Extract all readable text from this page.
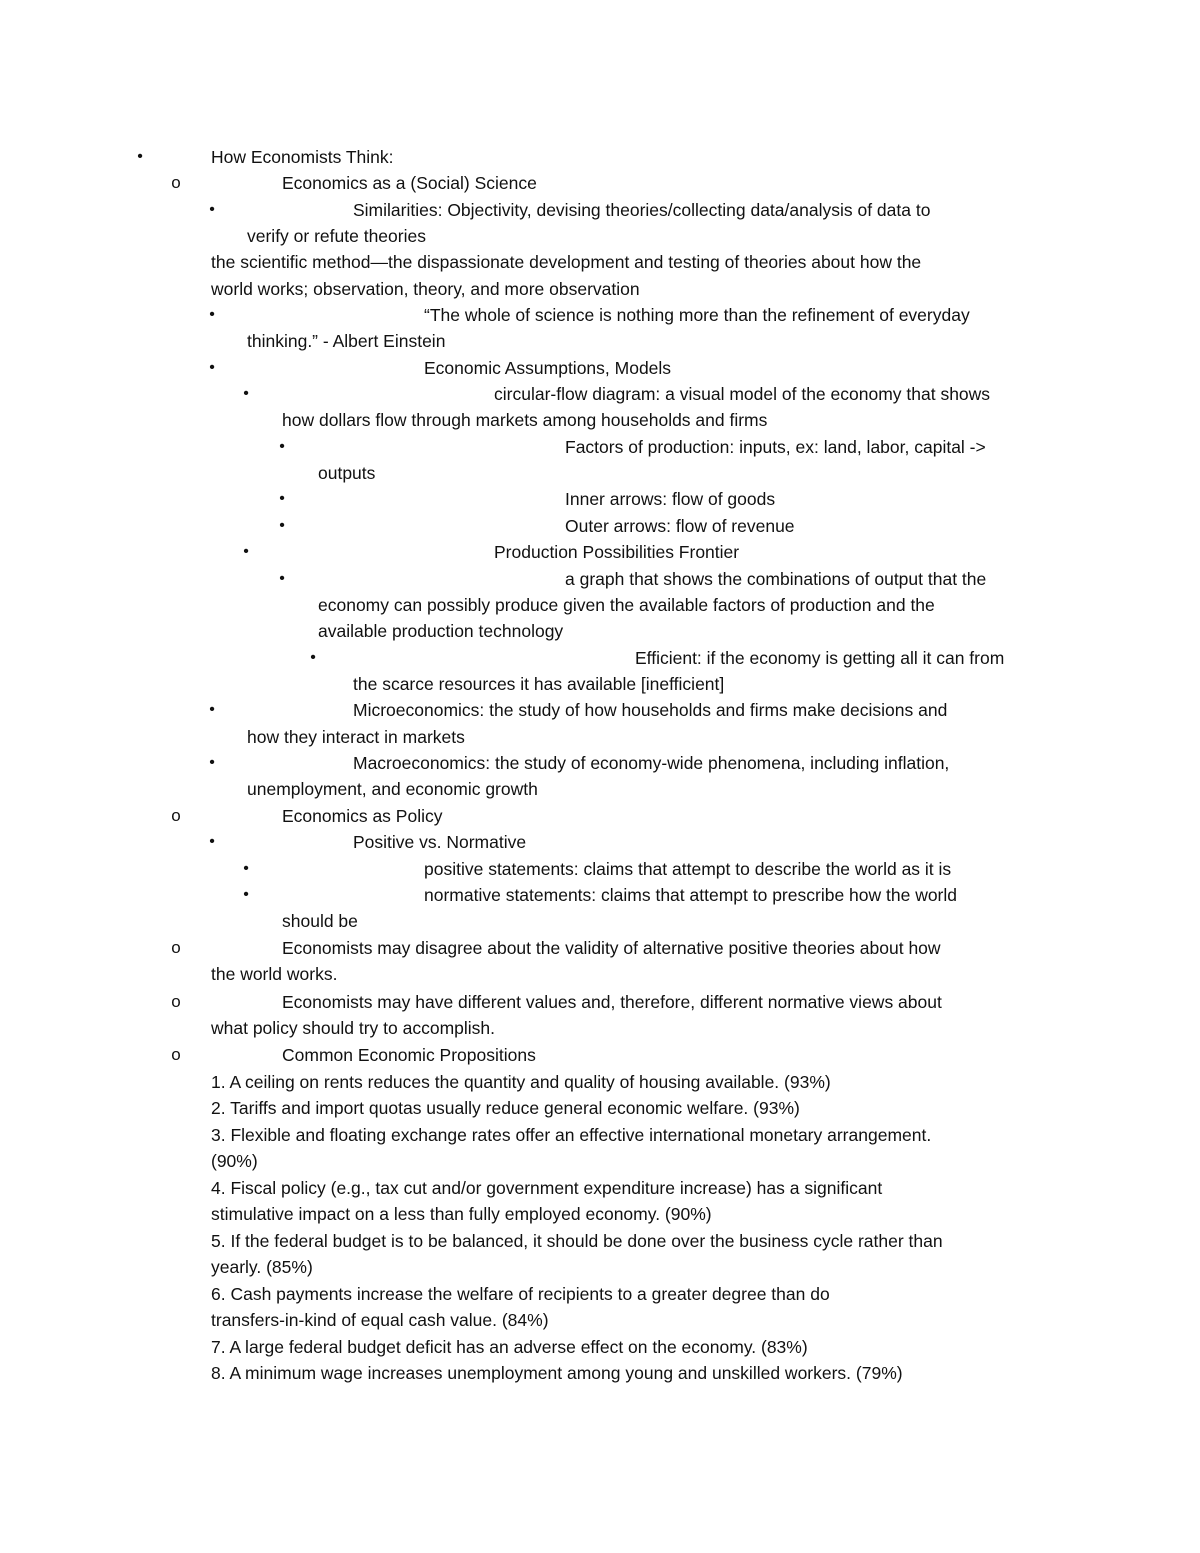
•	How Economists Think:
o	Economics as a (Social) Science
•	Similarities: Objectivity, devising theories/collecting data/analysis of data to
verify or refute theories
the scientific method—the dispassionate development and testing of theories about how the
world works; observation, theory, and more observation
•	“The whole of science is nothing more than the refinement of everyday
thinking.” - Albert Einstein
•	Economic Assumptions, Models
•	circular-flow diagram: a visual model of the economy that shows
how dollars flow through markets among households and firms
•	Factors of production: inputs, ex: land, labor, capital ->
outputs
•	Inner arrows: flow of goods
•	Outer arrows: flow of revenue
•	Production Possibilities Frontier
•	a graph that shows the combinations of output that the
economy can possibly produce given the available factors of production and the
available production technology
•	Efficient: if the economy is getting all it can from
the scarce resources it has available [inefficient]
•	Microeconomics: the study of how households and firms make decisions and
how they interact in markets
•	Macroeconomics: the study of economy-wide phenomena, including inflation,
unemployment, and economic growth
o	Economics as Policy
•	Positive vs. Normative
•	positive statements: claims that attempt to describe the world as it is
•	normative statements: claims that attempt to prescribe how the world
should be
o	Economists may disagree about the validity of alternative positive theories about how
the world works.
o	Economists may have different values and, therefore, different normative views about
what policy should try to accomplish.
o	Common Economic Propositions
1. A ceiling on rents reduces the quantity and quality of housing available. (93%)
2. Tariffs and import quotas usually reduce general economic welfare. (93%)
3. Flexible and floating exchange rates offer an effective international monetary arrangement.
(90%)
4. Fiscal policy (e.g., tax cut and/or government expenditure increase) has a significant
stimulative impact on a less than fully employed economy. (90%)
5. If the federal budget is to be balanced, it should be done over the business cycle rather than
yearly. (85%)
6. Cash payments increase the welfare of recipients to a greater degree than do
transfers-in-kind of equal cash value. (84%)
7. A large federal budget deficit has an adverse effect on the economy. (83%)
8. A minimum wage increases unemployment among young and unskilled workers. (79%)
